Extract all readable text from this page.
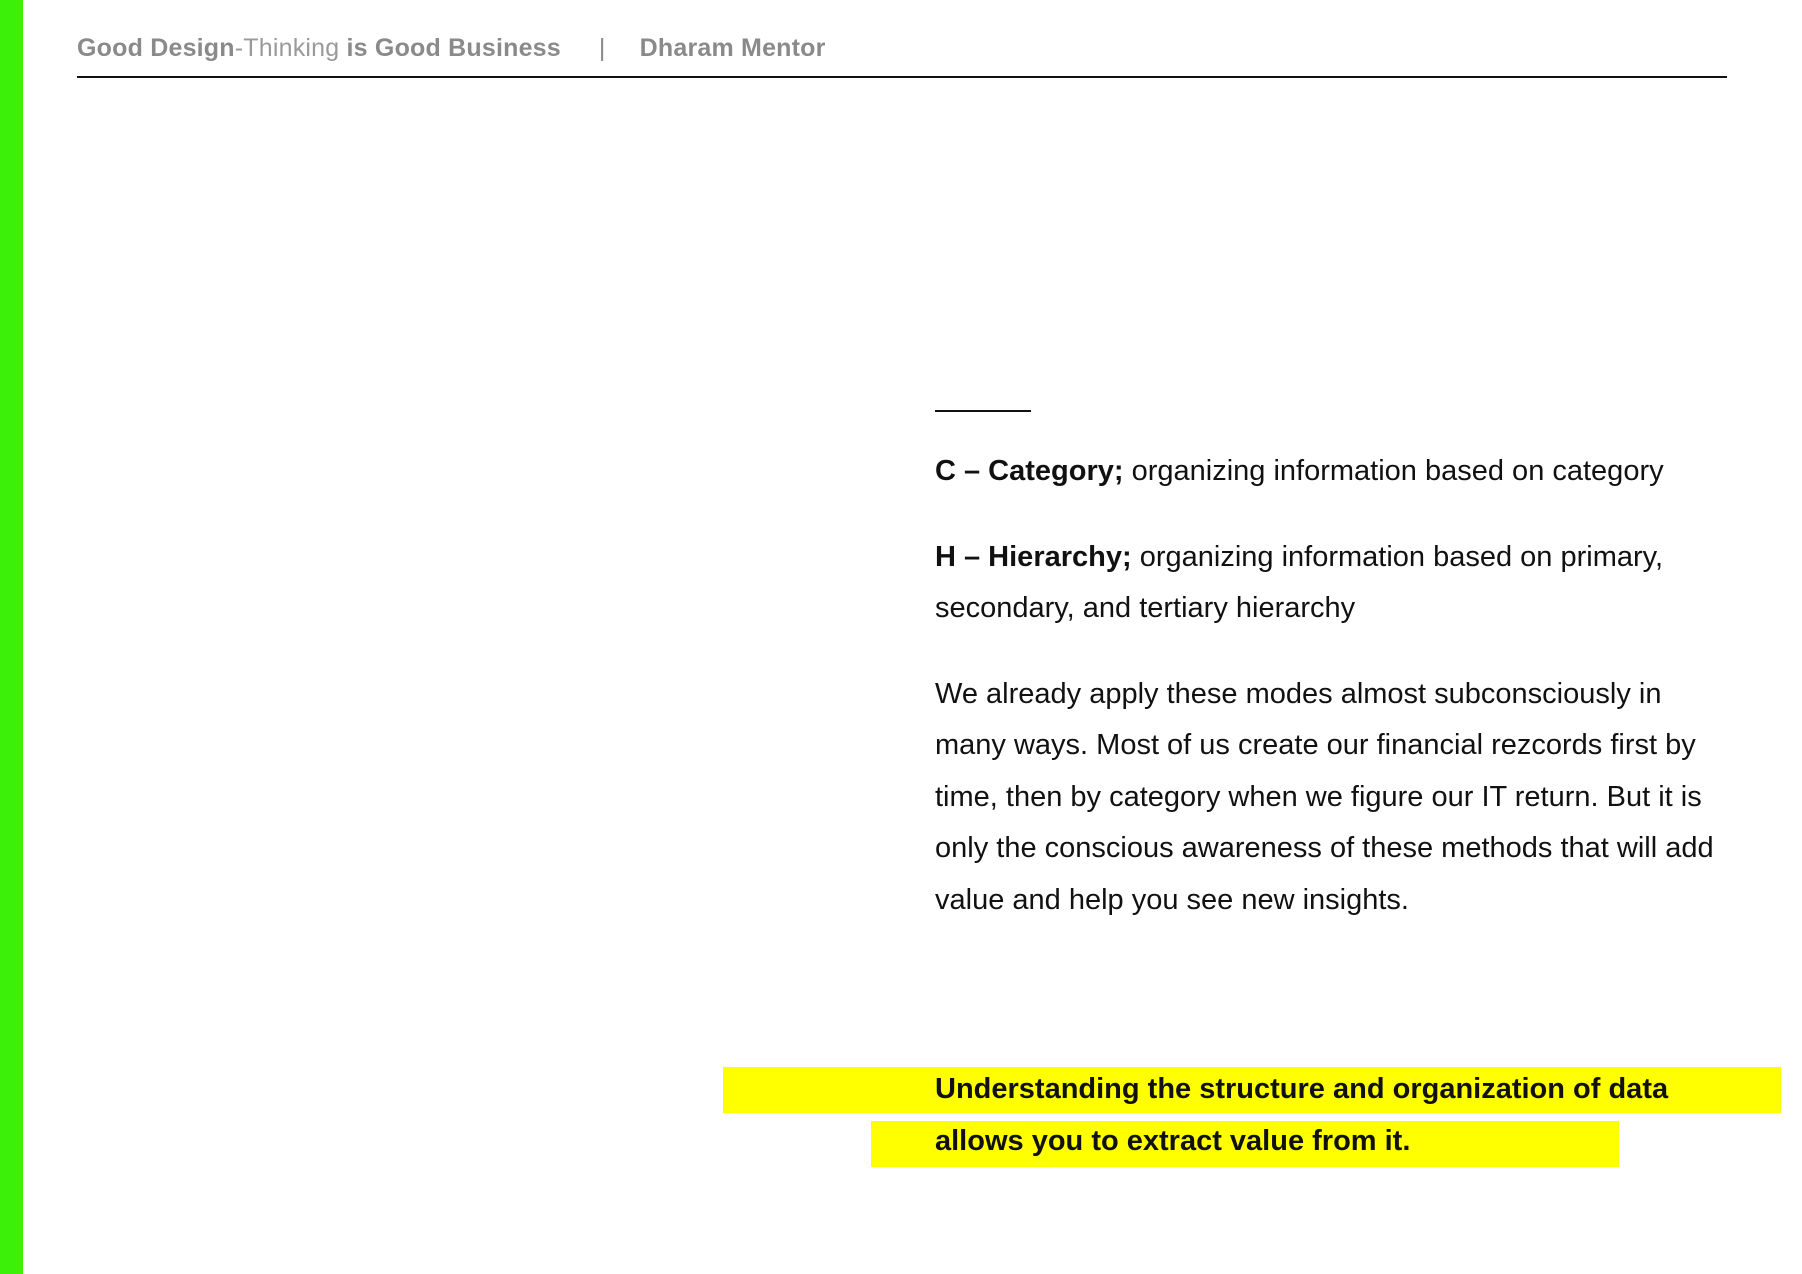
Good Design-Thinking is Good Business | Dharam Mentor

C – Category; organizing information based on category

H – Hierarchy; organizing information based on primary, secondary, and tertiary hierarchy

We already apply these modes almost subconsciously in many ways. Most of us create our financial rezcords first by time, then by category when we figure our IT return. But it is only the conscious awareness of these methods that will add value and help you see new insights.

Understanding the structure and organization of data allows you to extract value from it.
